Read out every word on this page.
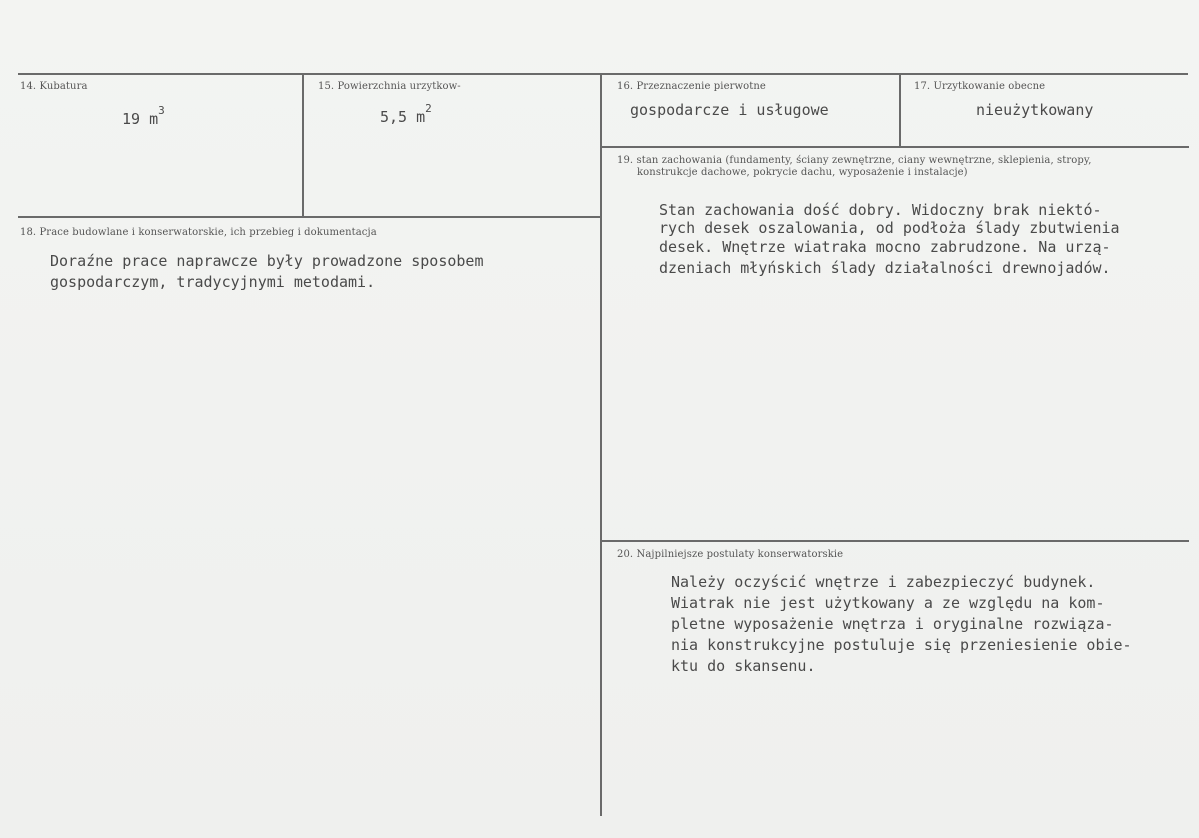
14. Kubatura
19 $m^3$
15. Powierzchnia urzytkow-
5,5 $m^2$
16. Przeznaczenie pierwotne
gospodarcze i usługowe
17. Urzytkowanie obecne
nieużytkowany
18. Prace budowlane i konserwatorskie, ich przebieg i dokumentacja
Doraźne prace naprawcze były prowadzone sposobem
gospodarczym, tradycyjnymi metodami.
19. stan zachowania (fundamenty, ściany zewnętrzne, ciany wewnętrzne, sklepienia, stropy,
konstrukcje dachowe, pokrycie dachu, wyposażenie i instalacje)
Stan zachowania dość dobry. Widoczny brak niektó-
rych desek oszalowania, od podłoża ślady zbutwienia
desek. Wnętrze wiatraka mocno zabrudzone. Na urzą-
dzeniach młyńskich ślady działalności drewnojadów.
20. Najpilniejsze postulaty konserwatorskie
Należy oczyścić wnętrze i zabezpieczyć budynek.
Wiatrak nie jest użytkowany a ze względu na kom-
pletne wyposażenie wnętrza i oryginalne rozwiąza-
nia konstrukcyjne postuluje się przeniesienie obie-
ktu do skansenu.
